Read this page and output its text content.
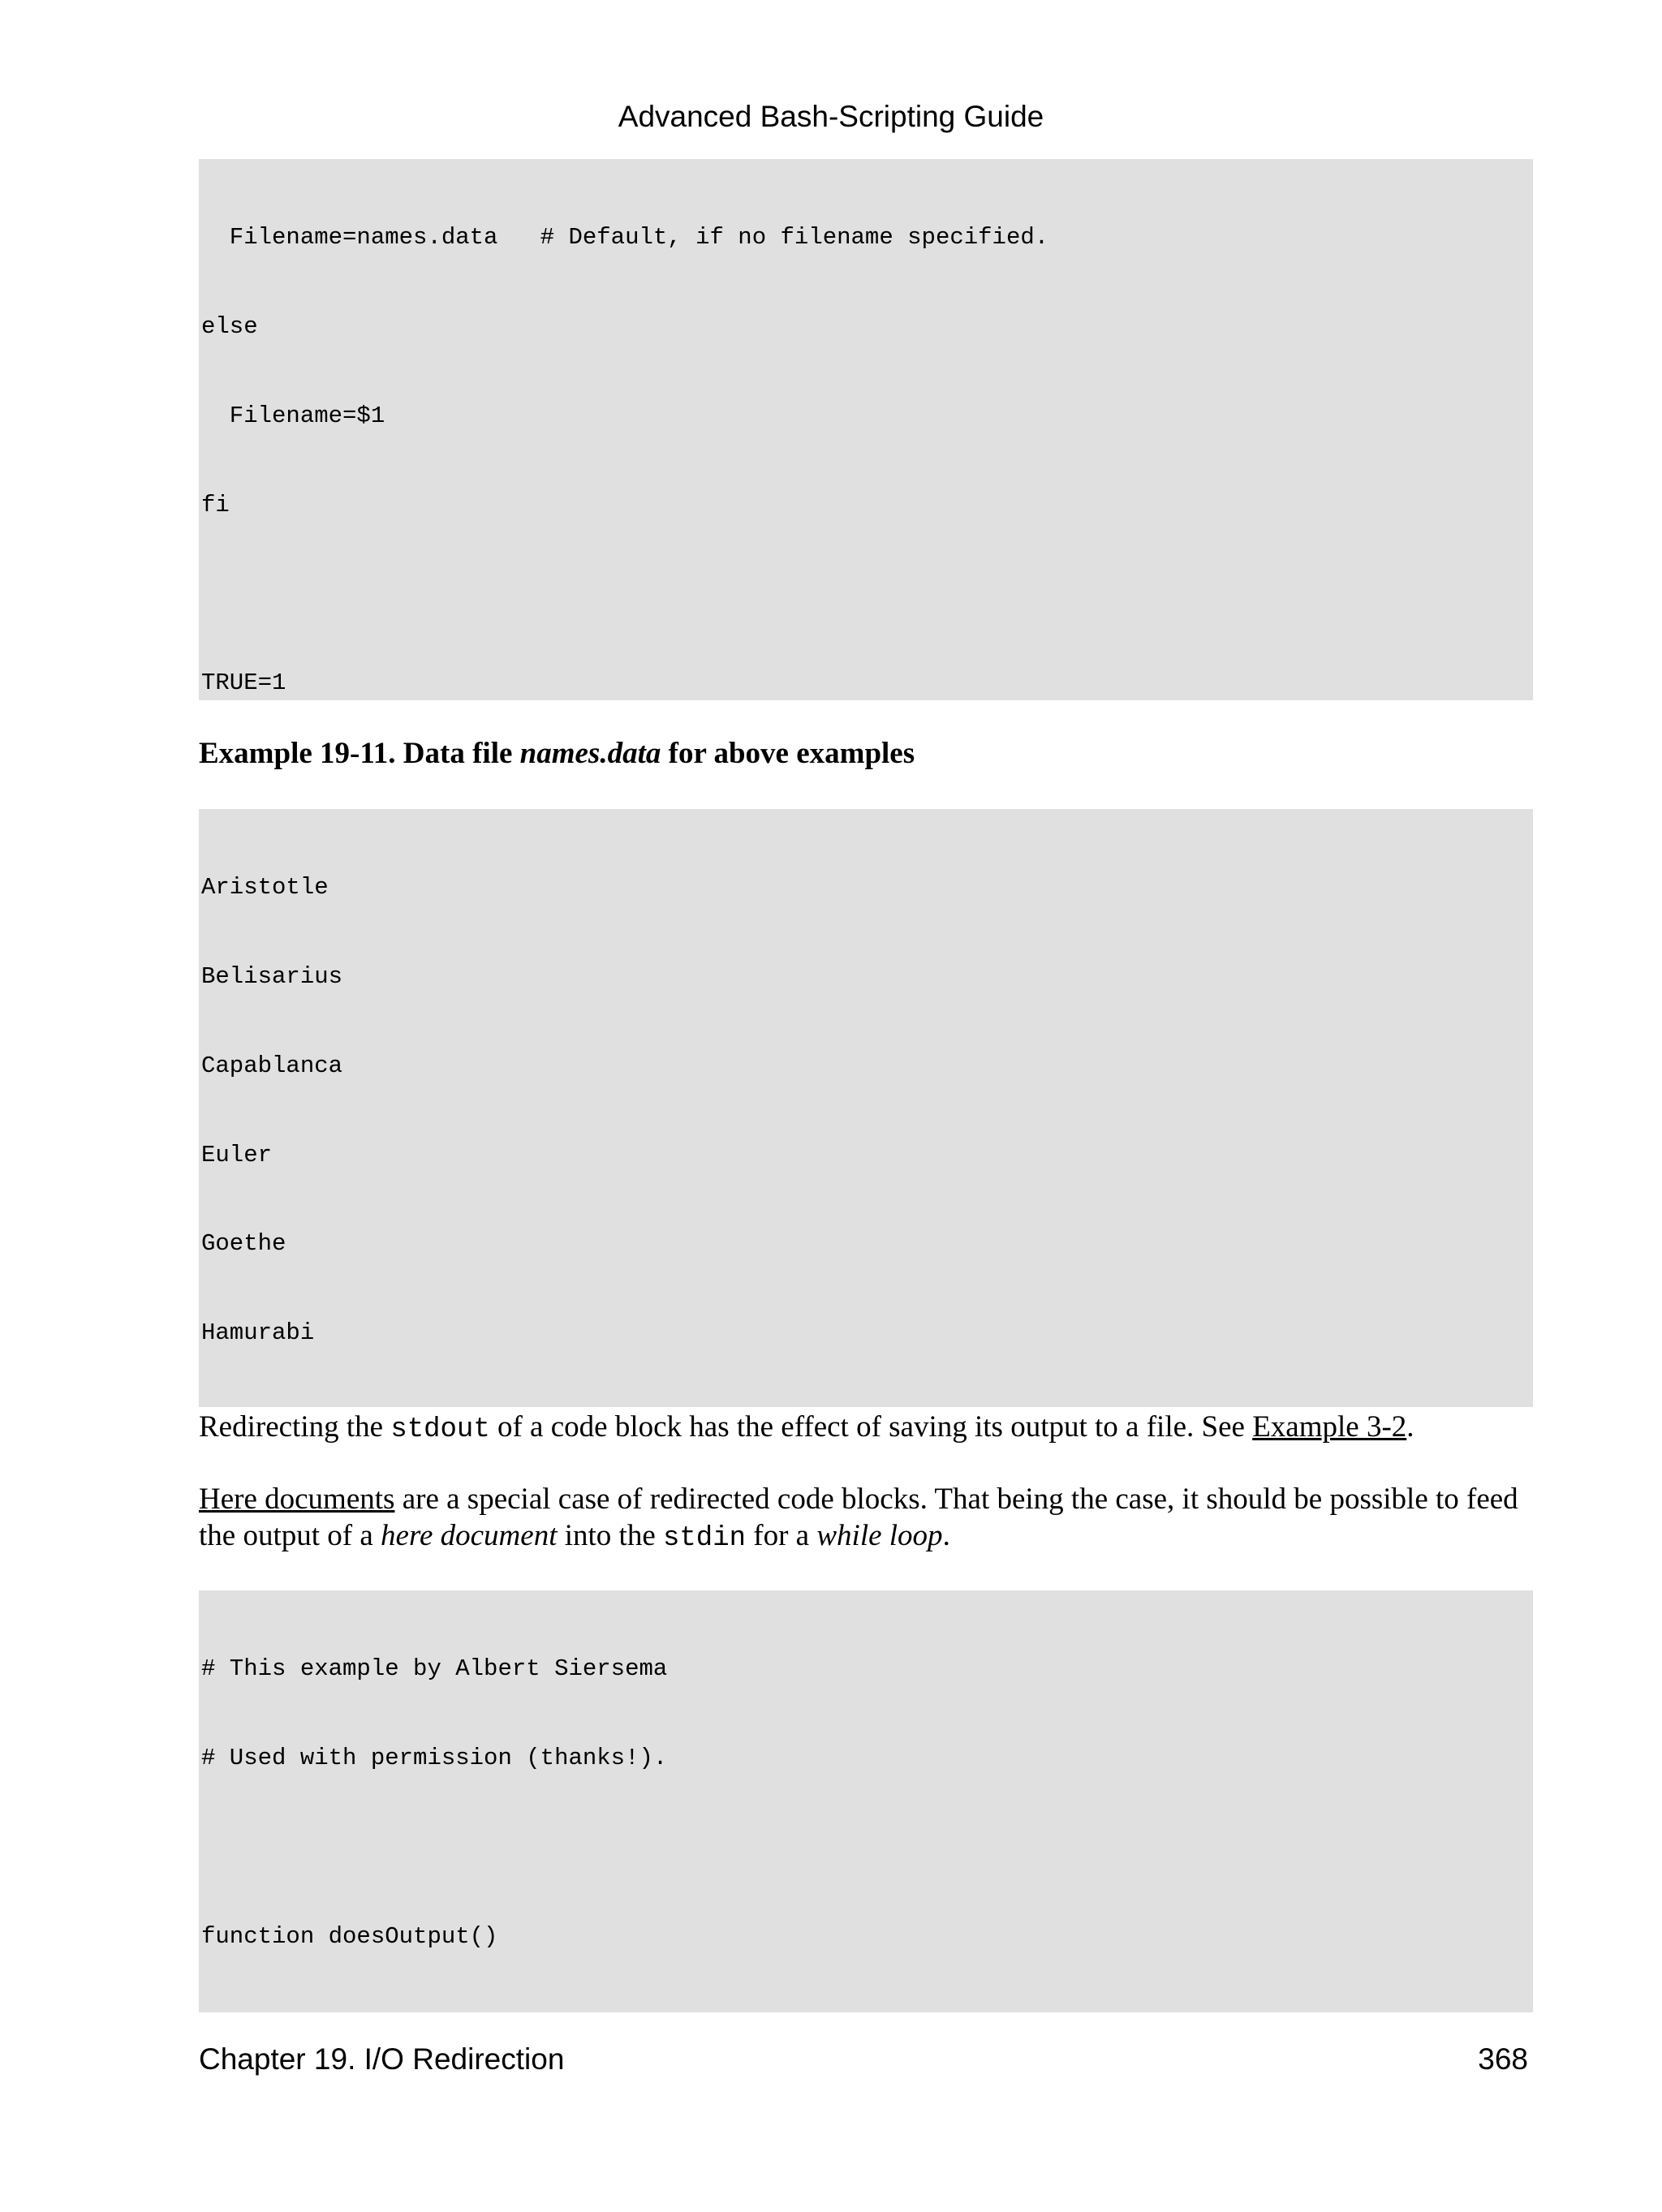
Advanced Bash-Scripting Guide

Filename=names.data   # Default, if no filename specified.

else

Filename=$1

fi

TRUE=1

Example 19-11. Data file names.data for above examples

Aristotle

Belisarius

Capablanca

Euler

Goethe

Hamurabi

Redirecting the stdout of a code block has the effect of saving its output to a file. See Example 3-2.
Here documents are a special case of redirected code blocks. That being the case, it should be possible to feed the output of a here document into the stdin for a while loop.

# This example by Albert Siersema

# Used with permission (thanks!).

function doesOutput()

Chapter 19. I/O Redirection	368
